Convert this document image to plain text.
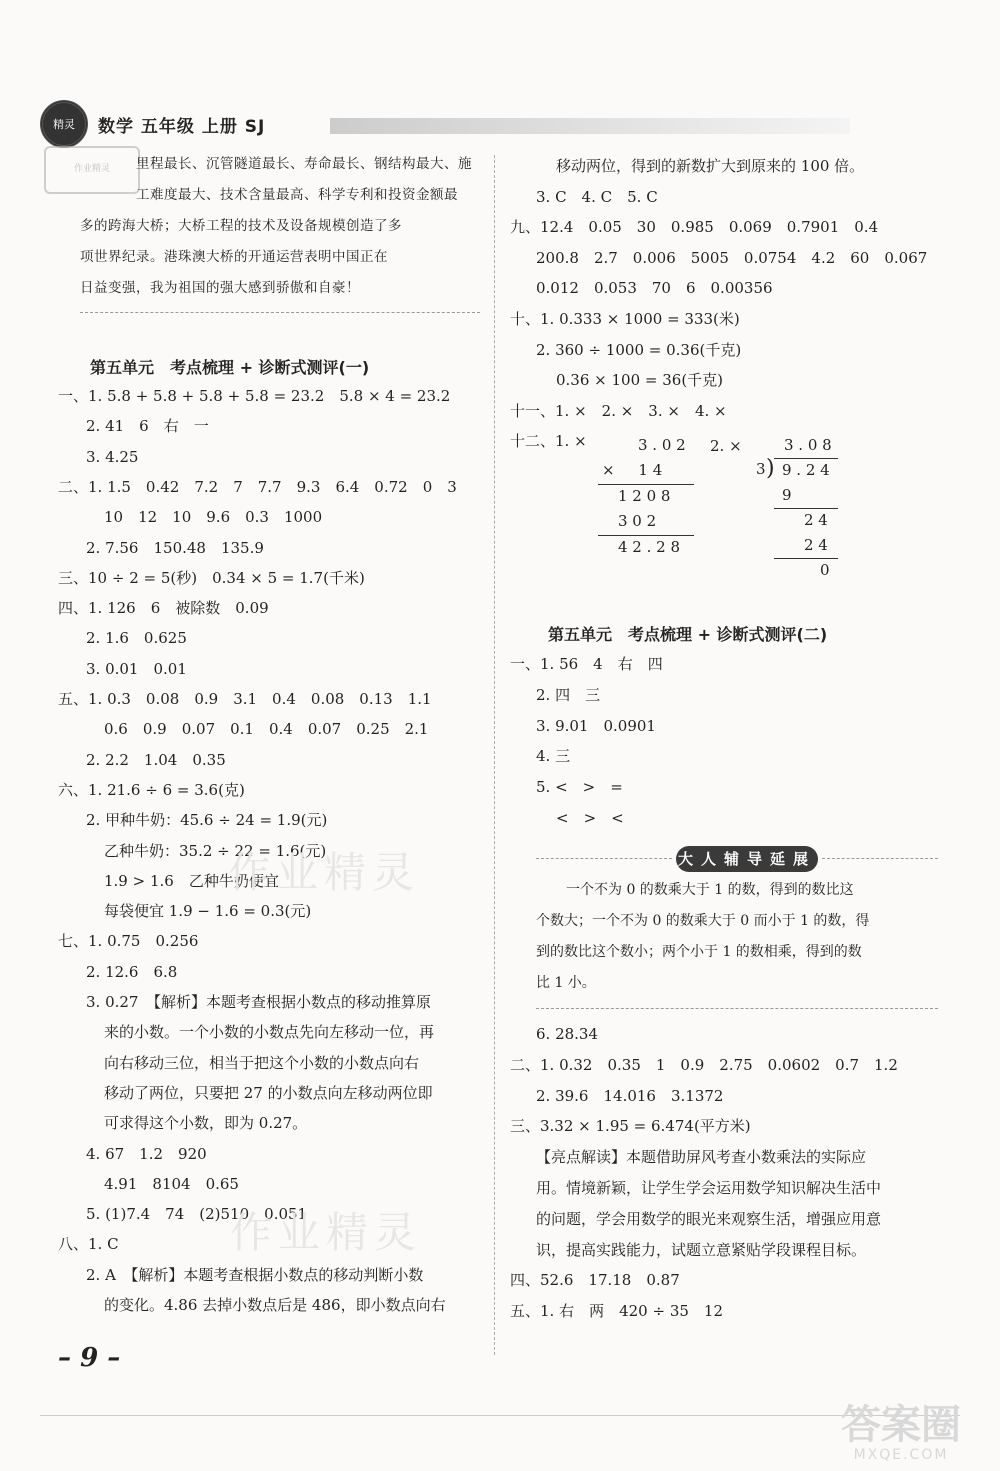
精灵 数学 五年级 上册 SJ

作业精灵	里程最长、沉管隧道最长、寿命最长、钢结构最大、施
工难度最大、技术含量最高、科学专利和投资金额最
多的跨海大桥；大桥工程的技术及设备规模创造了多
项世界纪录。港珠澳大桥的开通运营表明中国正在
日益变强，我为祖国的强大感到骄傲和自豪！
第五单元　考点梳理 + 诊断式测评(一)
一、1. 5.8 + 5.8 + 5.8 + 5.8 = 23.2　5.8 × 4 = 23.2
2. 41　6　右　一
3. 4.25
二、1. 1.5　0.42　7.2　7　7.7　9.3　6.4　0.72　0　3
10　12　10　9.6　0.3　1000
2. 7.56　150.48　135.9
三、10 ÷ 2 = 5(秒)　0.34 × 5 = 1.7(千米)
四、1. 126　6　被除数　0.09
2. 1.6　0.625
3. 0.01　0.01
五、1. 0.3　0.08　0.9　3.1　0.4　0.08　0.13　1.1
0.6　0.9　0.07　0.1　0.4　0.07　0.25　2.1
2. 2.2　1.04　0.35
六、1. 21.6 ÷ 6 = 3.6(克)
2. 甲种牛奶：45.6 ÷ 24 = 1.9(元)
乙种牛奶：35.2 ÷ 22 = 1.6(元)
1.9 > 1.6　乙种牛奶便宜
每袋便宜 1.9 − 1.6 = 0.3(元)
七、1. 0.75　0.256
2. 12.6　6.8
3. 0.27　【解析】本题考查根据小数点的移动推算原
来的小数。一个小数的小数点先向左移动一位，再
向右移动三位，相当于把这个小数的小数点向右
移动了两位，只要把 27 的小数点向左移动两位即
可求得这个小数，即为 0.27。
4. 67　1.2　920
4.91　8104　0.65
5. (1)7.4　74　(2)510　0.051
八、1. C
2. A　【解析】本题考查根据小数点的移动判断小数
的变化。4.86 去掉小数点后是 486，即小数点向右
移动两位，得到的新数扩大到原来的 100 倍。
3. C　4. C　5. C
九、12.4　0.05　30　0.985　0.069　0.7901　0.4
200.8　2.7　0.006　5005　0.0754　4.2　60　0.067
0.012　0.053　70　6　0.00356
十、1. 0.333 × 1000 = 333(米)
2. 360 ÷ 1000 = 0.36(千克)
0.36 × 100 = 36(千克)
十一、1. ×　2. ×　3. ×　4. ×
十二、1. ×	3 . 0 2
×     1 4
1 2 0 8
3 0 2
4 2 . 2 8
2. ×	3 . 0 8
3 ) 9 . 2 4
9
2 4
2 4
0
第五单元　考点梳理 + 诊断式测评(二)
一、1. 56　4　右　四
2. 四　三
3. 9.01　0.0901
4. 三
5. <　>　=
<　>　<
大人辅导延展
一个不为 0 的数乘大于 1 的数，得到的数比这
个数大；一个不为 0 的数乘大于 0 而小于 1 的数，得
到的数比这个数小；两个小于 1 的数相乘，得到的数
比 1 小。
6. 28.34
二、1. 0.32　0.35　1　0.9　2.75　0.0602　0.7　1.2
2. 39.6　14.016　3.1372
三、3.32 × 1.95 = 6.474(平方米)
【亮点解读】本题借助屏风考查小数乘法的实际应
用。情境新颖，让学生学会运用数学知识解决生活中
的问题，学会用数学的眼光来观察生活，增强应用意
识，提高实践能力，试题立意紧贴学段课程目标。
四、52.6　17.18　0.87
五、1. 右　两　420 ÷ 35　12
– 9 –
作业精灵
作业精灵
答案圈
MXQE.COM
